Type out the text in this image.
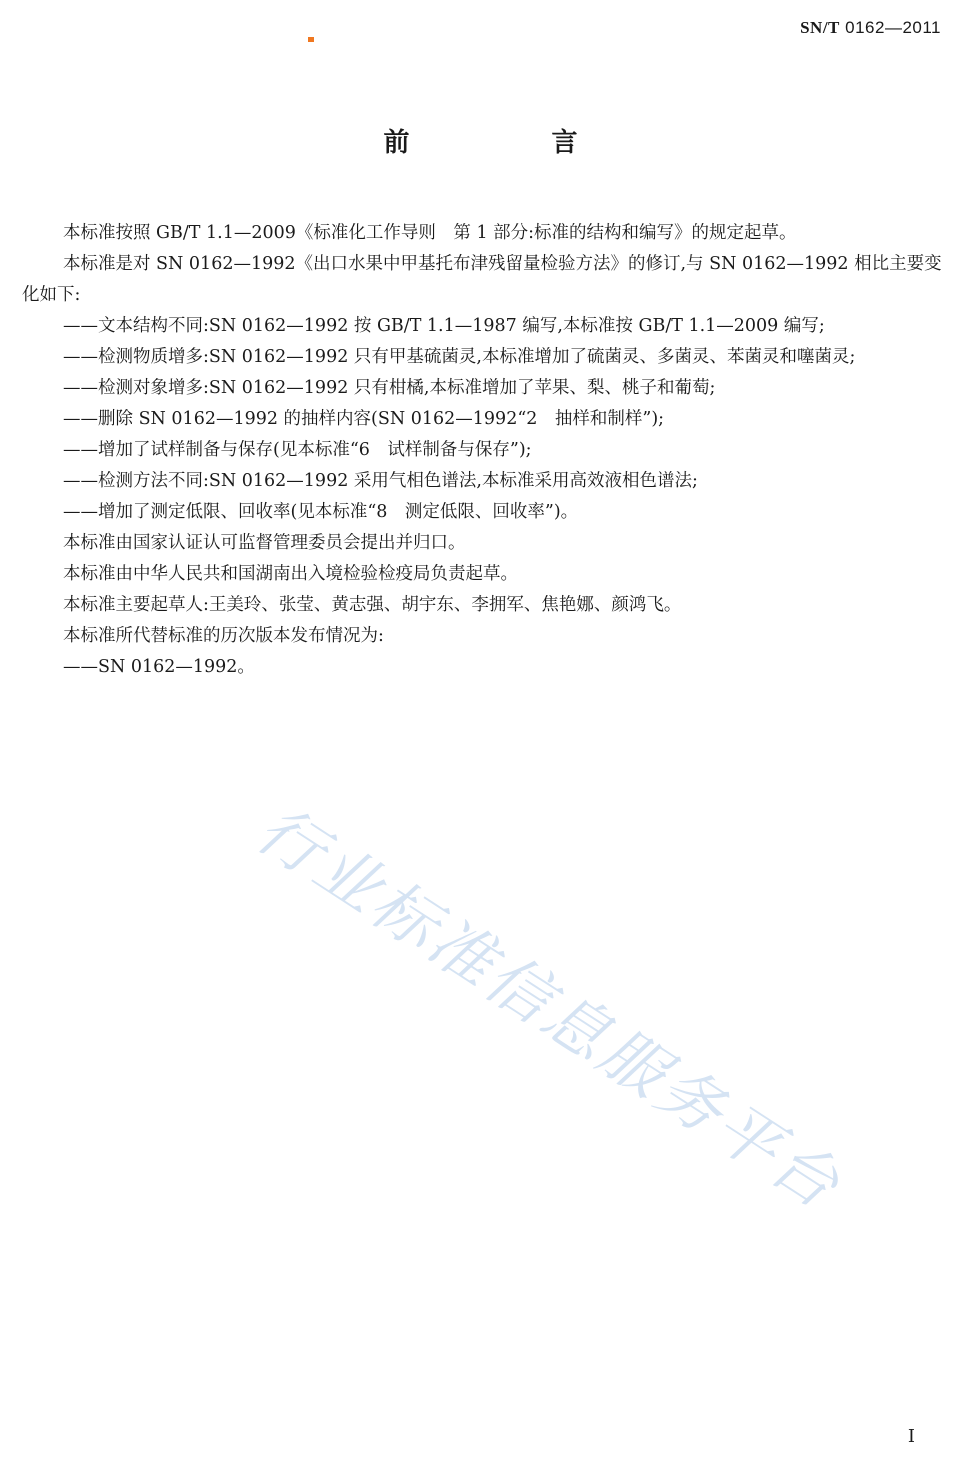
SN/T 0162—2011
前　言
行业标准信息服务平台

本标准按照 GB/T 1.1—2009《标准化工作导则　第 1 部分:标准的结构和编写》的规定起草。

本标准是对 SN 0162—1992《出口水果中甲基托布津残留量检验方法》的修订,与 SN 0162—1992 相比主要变化如下:

——文本结构不同:SN 0162—1992 按 GB/T 1.1—1987 编写,本标准按 GB/T 1.1—2009 编写;

——检测物质增多:SN 0162—1992 只有甲基硫菌灵,本标准增加了硫菌灵、多菌灵、苯菌灵和噻菌灵;

——检测对象增多:SN 0162—1992 只有柑橘,本标准增加了苹果、梨、桃子和葡萄;

——删除 SN 0162—1992 的抽样内容(SN 0162—1992“2　抽样和制样”);

——增加了试样制备与保存(见本标准“6　试样制备与保存”);

——检测方法不同:SN 0162—1992 采用气相色谱法,本标准采用高效液相色谱法;

——增加了测定低限、回收率(见本标准“8　测定低限、回收率”)。

本标准由国家认证认可监督管理委员会提出并归口。

本标准由中华人民共和国湖南出入境检验检疫局负责起草。

本标准主要起草人:王美玲、张莹、黄志强、胡宇东、李拥军、焦艳娜、颜鸿飞。

本标准所代替标准的历次版本发布情况为:

——SN 0162—1992。

I
